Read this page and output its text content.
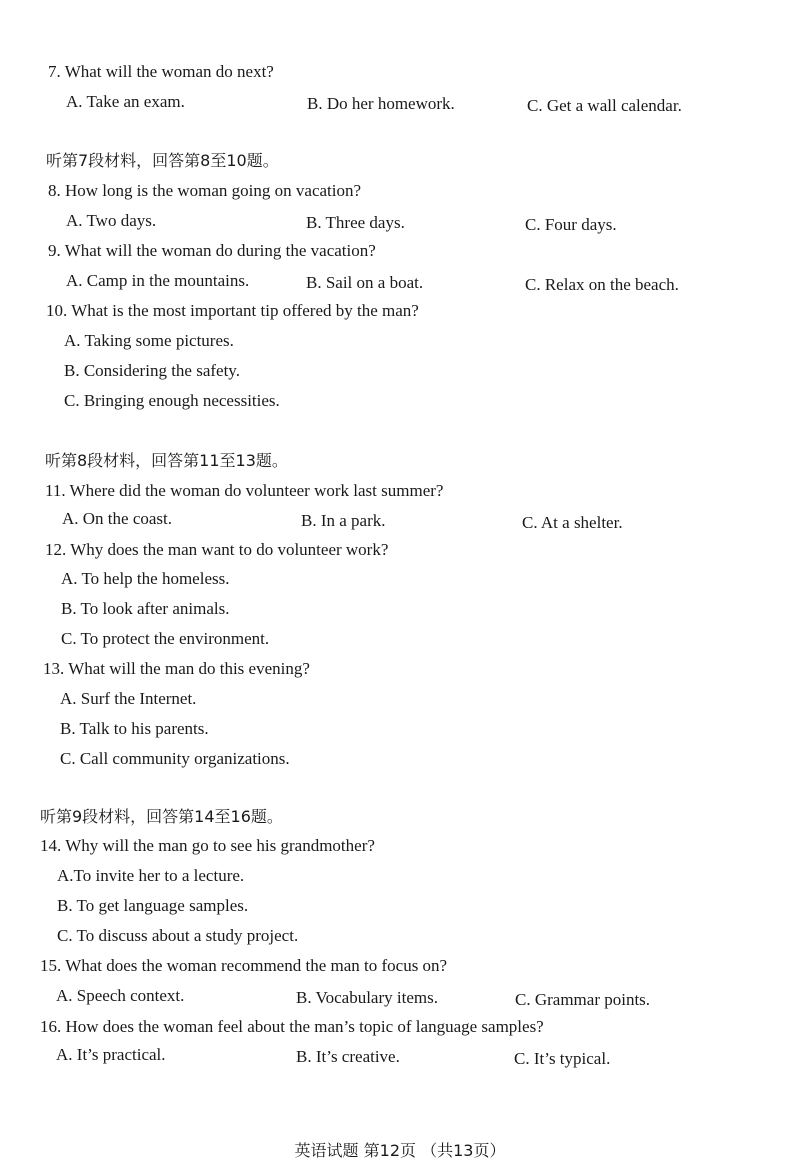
7. What will the woman do next?
A. Take an exam.	B. Do her homework.	C. Get a wall calendar.
听第7段材料，回答第8至10题。
8. How long is the woman going on vacation?
A. Two days.	B. Three days.	C. Four days.
9. What will the woman do during the vacation?
A. Camp in the mountains.	B. Sail on a boat.	C. Relax on the beach.
10. What is the most important tip offered by the man?
A. Taking some pictures.
B. Considering the safety.
C. Bringing enough necessities.
听第8段材料，回答第11至13题。
11. Where did the woman do volunteer work last summer?
A. On the coast.	B. In a park.	C. At a shelter.
12. Why does the man want to do volunteer work?
A. To help the homeless.
B. To look after animals.
C. To protect the environment.
13. What will the man do this evening?
A. Surf the Internet.
B. Talk to his parents.
C. Call community organizations.
听第9段材料，回答第14至16题。
14. Why will the man go to see his grandmother?
A.To invite her to a lecture.
B. To get language samples.
C. To discuss about a study project.
15. What does the woman recommend the man to focus on?
A. Speech context.	B. Vocabulary items.	C. Grammar points.
16. How does the woman feel about the man’s topic of language samples?
A. It’s practical.	B. It’s creative.	C. It’s typical.
英语试题 第12页 （共13页）
